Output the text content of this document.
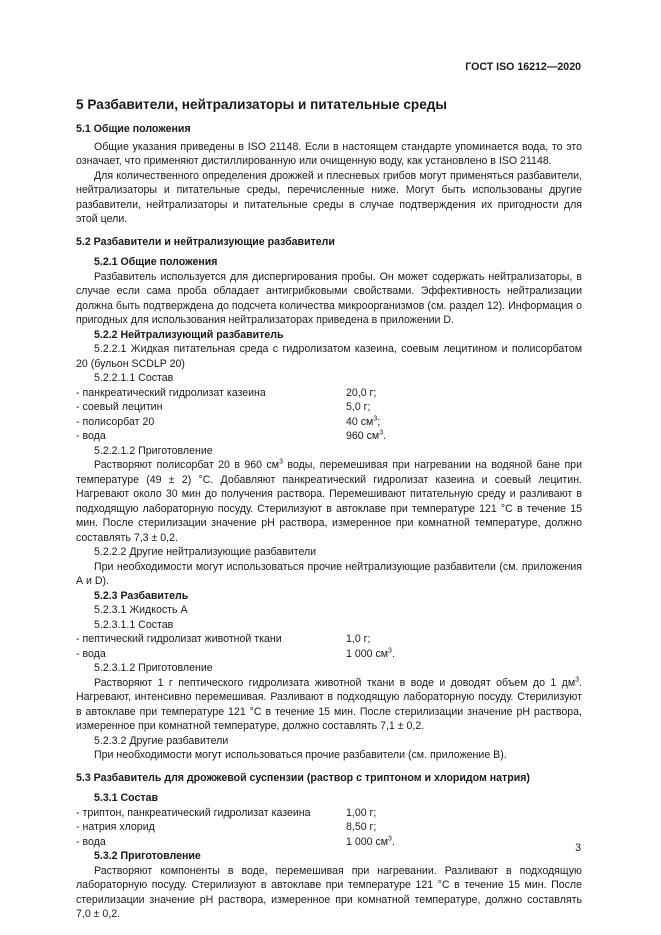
ГОСТ ISO 16212—2020
5 Разбавители, нейтрализаторы и питательные среды

5.1 Общие положения

Общие указания приведены в ISO 21148. Если в настоящем стандарте упоминается вода, то это означает, что применяют дистиллированную или очищенную воду, как установлено в ISO 21148.

Для количественного определения дрожжей и плесневых грибов могут применяться разбавители, нейтрализаторы и питательные среды, перечисленные ниже. Могут быть использованы другие разбавители, нейтрализаторы и питательные среды в случае подтверждения их пригодности для этой цели.

5.2 Разбавители и нейтрализующие разбавители

5.2.1 Общие положения

Разбавитель используется для диспергирования пробы. Он может содержать нейтрализаторы, в случае если сама проба обладает антигрибковыми свойствами. Эффективность нейтрализации должна быть подтверждена до подсчета количества микроорганизмов (см. раздел 12). Информация о пригодных для использования нейтрализаторах приведена в приложении D.

5.2.2 Нейтрализующий разбавитель

5.2.2.1 Жидкая питательная среда с гидролизатом казеина, соевым лецитином и полисорбатом 20 (бульон SCDLP 20)

5.2.2.1.1 Состав

- панкреатический гидролизат казеина	20,0 г;
- соевый лецитин	5,0 г;
- полисорбат 20	40 $см^3$;
- вода	960 $см^3$.

5.2.2.1.2 Приготовление

Растворяют полисорбат 20 в 960 $см^3$ воды, перемешивая при нагревании на водяной бане при температуре (49 ± 2) °С. Добавляют панкреатический гидролизат казеина и соевый лецитин. Нагревают около 30 мин до получения раствора. Перемешивают питательную среду и разливают в подходящую лабораторную посуду. Стерилизуют в автоклаве при температуре 121 °С в течение 15 мин. После стерилизации значение рН раствора, измеренное при комнатной температуре, должно составлять 7,3 ± 0,2.

5.2.2.2 Другие нейтрализующие разбавители

При необходимости могут использоваться прочие нейтрализующие разбавители (см. приложения А и D).

5.2.3 Разбавитель

5.2.3.1 Жидкость А

5.2.3.1.1 Состав

- пептический гидролизат животной ткани	1,0 г;
- вода	1 000 $см^3$.

5.2.3.1.2 Приготовление

Растворяют 1 г пептического гидролизата животной ткани в воде и доводят объем до 1 $дм^3$. Нагревают, интенсивно перемешивая. Разливают в подходящую лабораторную посуду. Стерилизуют в автоклаве при температуре 121 °С в течение 15 мин. После стерилизации значение рН раствора, измеренное при комнатной температуре, должно составлять 7,1 ± 0,2.

5.2.3.2 Другие разбавители

При необходимости могут использоваться прочие разбавители (см. приложение В).

5.3 Разбавитель для дрожжевой суспензии (раствор с триптоном и хлоридом натрия)

5.3.1 Состав

- триптон, панкреатический гидролизат казеина	1,00 г;
- натрия хлорид	8,50 г;
- вода	1 000 $см^3$.

5.3.2 Приготовление

Растворяют компоненты в воде, перемешивая при нагревании. Разливают в подходящую лабораторную посуду. Стерилизуют в автоклаве при температуре 121 °С в течение 15 мин. После стерилизации значение рН раствора, измеренное при комнатной температуре, должно составлять 7,0 ± 0,2.

3
